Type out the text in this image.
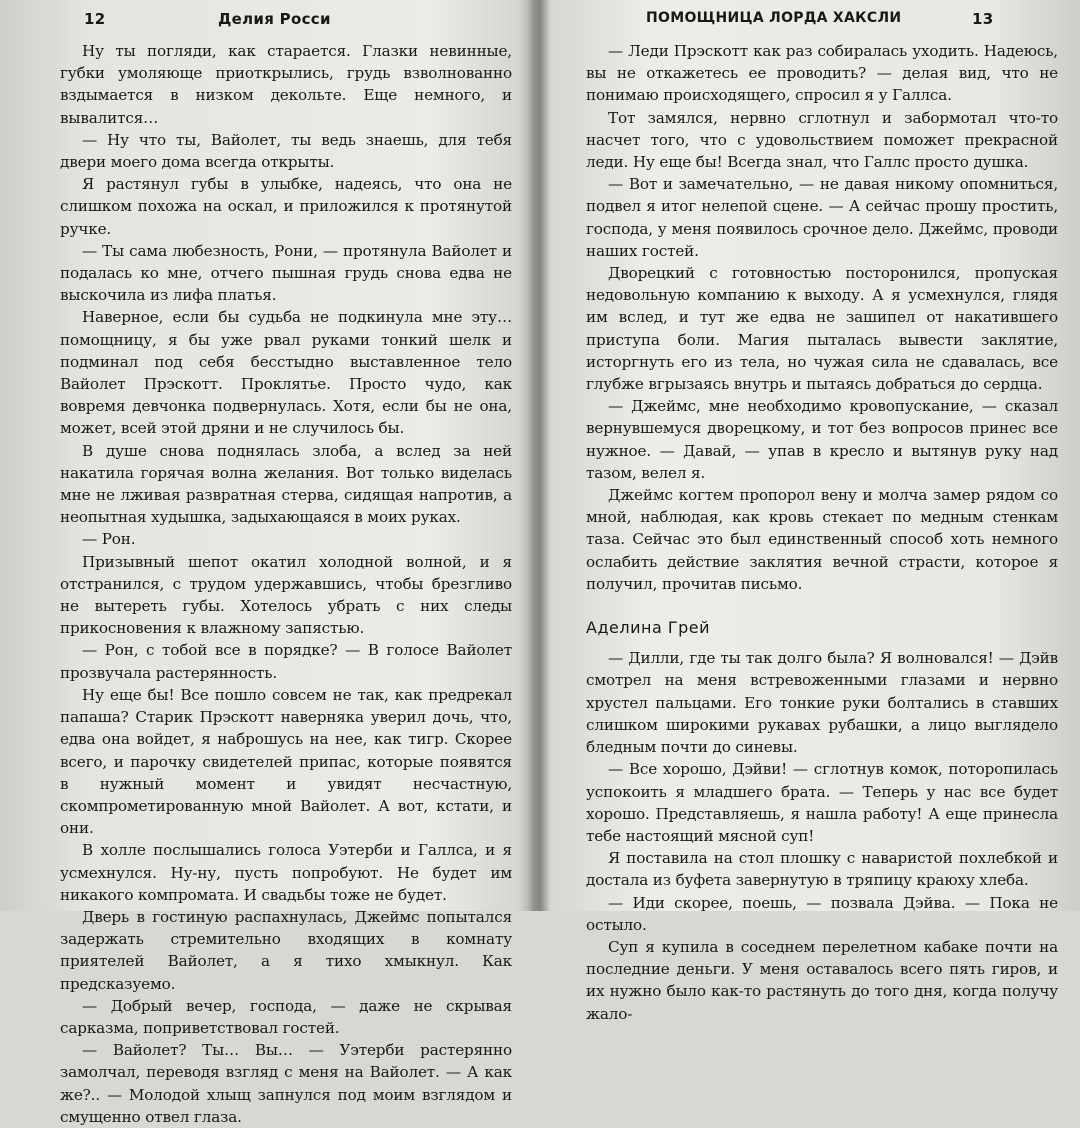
12	Делия Росси

Ну ты погляди, как старается. Глазки невинные, губки умоляюще приоткрылись, грудь взволнованно вздымается в низком декольте. Еще немного, и вывалится…

— Ну что ты, Вайолет, ты ведь знаешь, для тебя двери моего дома всегда открыты.

Я растянул губы в улыбке, надеясь, что она не слишком похожа на оскал, и приложился к протянутой ручке.

— Ты сама любезность, Рони, — протянула Вайолет и подалась ко мне, отчего пышная грудь снова едва не выскочила из лифа платья.

Наверное, если бы судьба не подкинула мне эту… помощницу, я бы уже рвал руками тонкий шелк и подминал под себя бесстыдно выставленное тело Вайолет Прэскотт. Проклятье. Просто чудо, как вовремя девчонка подвернулась. Хотя, если бы не она, может, всей этой дряни и не случилось бы.

В душе снова поднялась злоба, а вслед за ней накатила горячая волна желания. Вот только виделась мне не лживая развратная стерва, сидящая напротив, а неопытная худышка, задыхающаяся в моих руках.

— Рон.

Призывный шепот окатил холодной волной, и я отстранился, с трудом удержавшись, чтобы брезгливо не вытереть губы. Хотелось убрать с них следы прикосновения к влажному запястью.

— Рон, с тобой все в порядке? — В голосе Вайолет прозвучала растерянность.

Ну еще бы! Все пошло совсем не так, как предрекал папаша? Старик Прэскотт наверняка уверил дочь, что, едва она войдет, я наброшусь на нее, как тигр. Скорее всего, и парочку свидетелей припас, которые появятся в нужный момент и увидят несчастную, скомпрометированную мной Вайолет. А вот, кстати, и они.

В холле послышались голоса Уэтерби и Галлса, и я усмехнулся. Ну-ну, пусть попробуют. Не будет им никакого компромата. И свадьбы тоже не будет.

Дверь в гостиную распахнулась, Джеймс попытался задержать стремительно входящих в комнату приятелей Вайолет, а я тихо хмыкнул. Как предсказуемо.

— Добрый вечер, господа, — даже не скрывая сарказма, поприветствовал гостей.

— Вайолет? Ты… Вы… — Уэтерби растерянно замолчал, переводя взгляд с меня на Вайолет. — А как же?.. — Молодой хлыщ запнулся под моим взглядом и смущенно отвел глаза.

ПОМОЩНИЦА ЛОРДА ХАКСЛИ	13

— Леди Прэскотт как раз собиралась уходить. Надеюсь, вы не откажетесь ее проводить? — делая вид, что не понимаю происходящего, спросил я у Галлса.

Тот замялся, нервно сглотнул и забормотал что-то насчет того, что с удовольствием поможет прекрасной леди. Ну еще бы! Всегда знал, что Галлс просто душка.

— Вот и замечательно, — не давая никому опомниться, подвел я итог нелепой сцене. — А сейчас прошу простить, господа, у меня появилось срочное дело. Джеймс, проводи наших гостей.

Дворецкий с готовностью посторонился, пропуская недовольную компанию к выходу. А я усмехнулся, глядя им вслед, и тут же едва не зашипел от накатившего приступа боли. Магия пыталась вывести заклятие, исторгнуть его из тела, но чужая сила не сдавалась, все глубже вгрызаясь внутрь и пытаясь добраться до сердца.

— Джеймс, мне необходимо кровопускание, — сказал вернувшемуся дворецкому, и тот без вопросов принес все нужное. — Давай, — упав в кресло и вытянув руку над тазом, велел я.

Джеймс когтем пропорол вену и молча замер рядом со мной, наблюдая, как кровь стекает по медным стенкам таза. Сейчас это был единственный способ хоть немного ослабить действие заклятия вечной страсти, которое я получил, прочитав письмо.

Аделина Грей

— Дилли, где ты так долго была? Я волновался! — Дэйв смотрел на меня встревоженными глазами и нервно хрустел пальцами. Его тонкие руки болтались в ставших слишком широкими рукавах рубашки, а лицо выглядело бледным почти до синевы.

— Все хорошо, Дэйви! — сглотнув комок, поторопилась успокоить я младшего брата. — Теперь у нас все будет хорошо. Представляешь, я нашла работу! А еще принесла тебе настоящий мясной суп!

Я поставила на стол плошку с наваристой похлебкой и достала из буфета завернутую в тряпицу краюху хлеба.

— Иди скорее, поешь, — позвала Дэйва. — Пока не остыло.

Суп я купила в соседнем перелетном кабаке почти на последние деньги. У меня оставалось всего пять гиров, и их нужно было как-то растянуть до того дня, когда получу жало-
